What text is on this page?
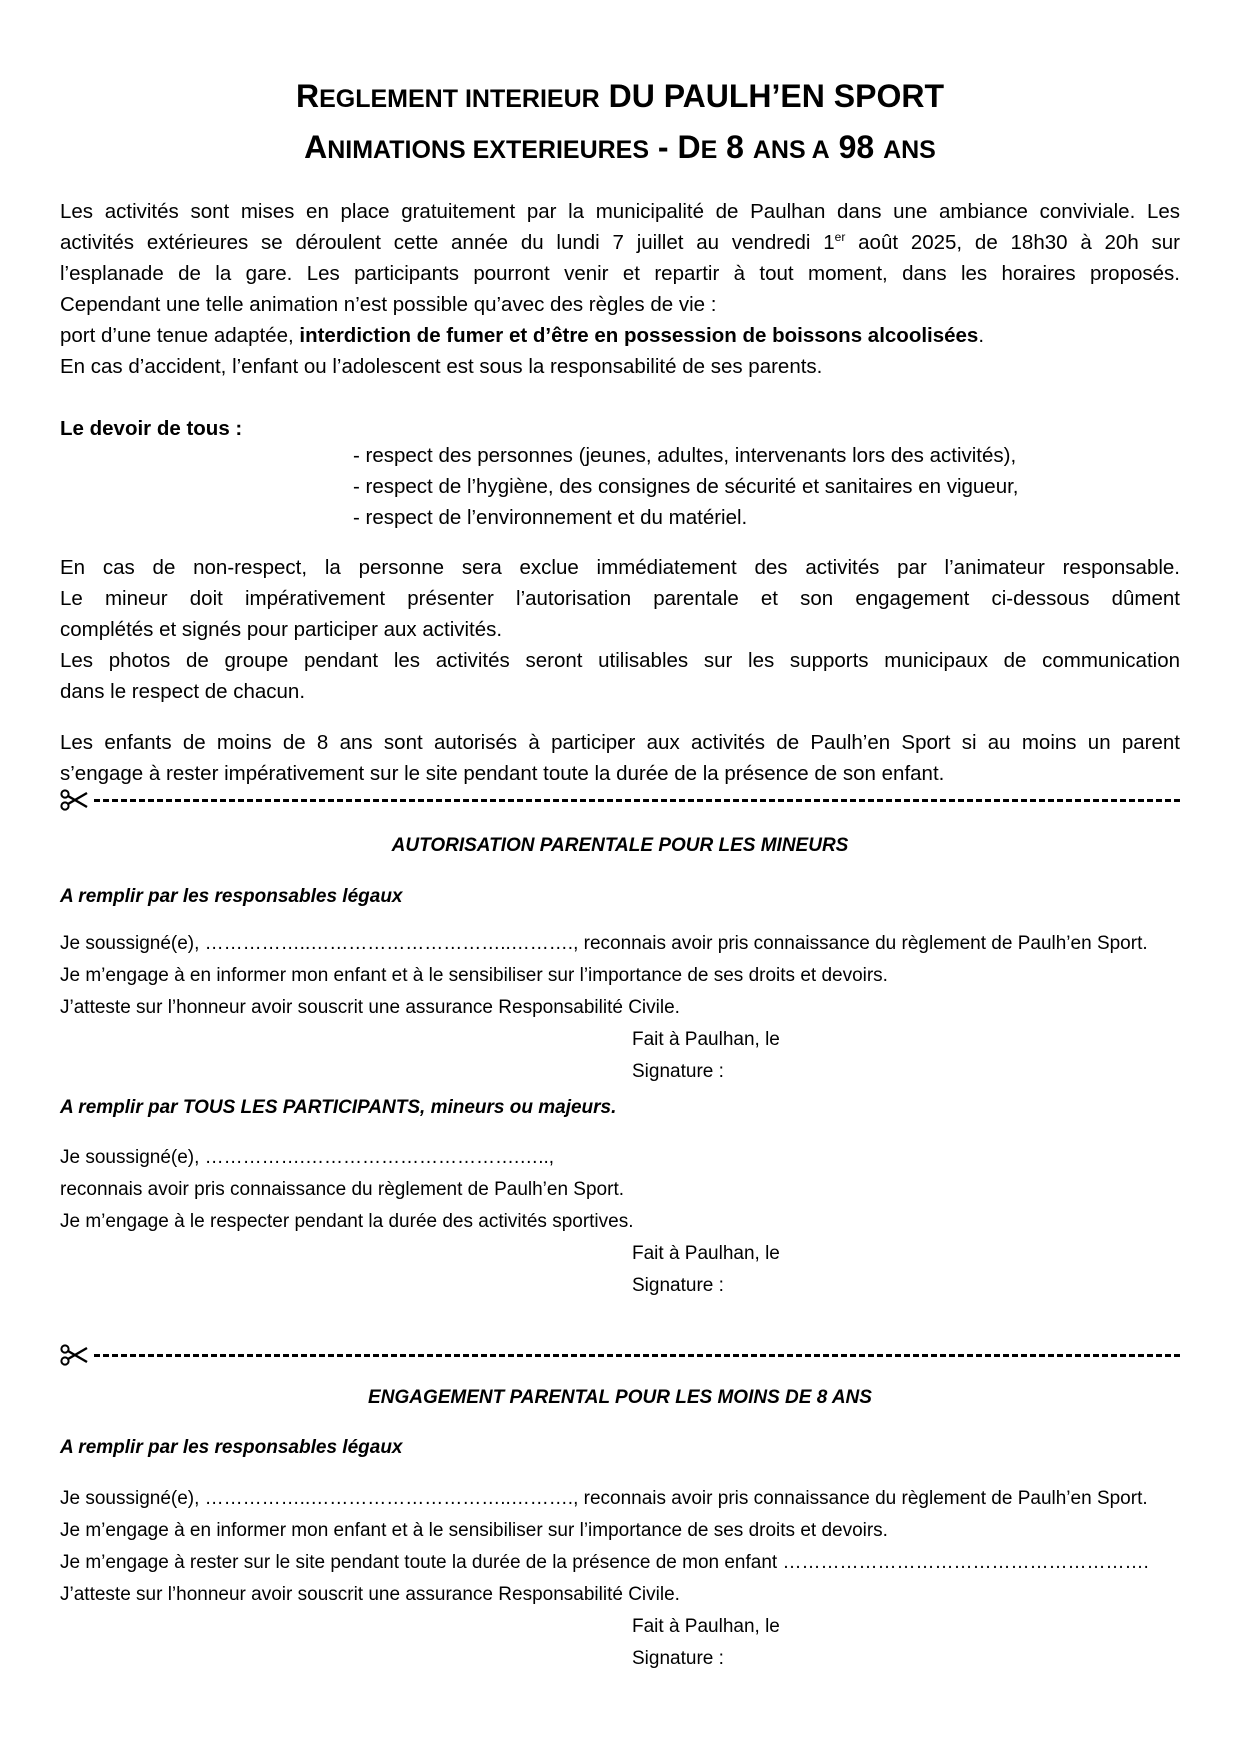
REGLEMENT INTERIEUR DU PAULH’EN SPORT
ANIMATIONS EXTERIEURES - DE 8 ANS A 98 ANS
Les activités sont mises en place gratuitement par la municipalité de Paulhan dans une ambiance conviviale. Les
activités extérieures se déroulent cette année du lundi 7 juillet au vendredi 1er août 2025, de 18h30 à 20h sur
l’esplanade de la gare. Les participants pourront venir et repartir à tout moment, dans les horaires proposés.
Cependant une telle animation n’est possible qu’avec des règles de vie :
port d’une tenue adaptée, interdiction de fumer et d’être en possession de boissons alcoolisées.
En cas d’accident, l’enfant ou l’adolescent est sous la responsabilité de ses parents.
Le devoir de tous :
- respect des personnes (jeunes, adultes, intervenants lors des activités),
- respect de l’hygiène, des consignes de sécurité et sanitaires en vigueur,
- respect de l’environnement et du matériel.
En cas de non-respect, la personne sera exclue immédiatement des activités par l’animateur responsable.
Le mineur doit impérativement présenter l’autorisation parentale et son engagement ci-dessous dûment
complétés et signés pour participer aux activités.
Les photos de groupe pendant les activités seront utilisables sur les supports municipaux de communication
dans le respect de chacun.
Les enfants de moins de 8 ans sont autorisés à participer aux activités de Paulh’en Sport si au moins un parent
s’engage à rester impérativement sur le site pendant toute la durée de la présence de son enfant.
AUTORISATION PARENTALE POUR LES MINEURS
A remplir par les responsables légaux
Je soussigné(e), ……………..…………………………..………., reconnais avoir pris connaissance du règlement de Paulh’en Sport.
Je m’engage à en informer mon enfant et à le sensibiliser sur l’importance de ses droits et devoirs.
J’atteste sur l’honneur avoir souscrit une assurance Responsabilité Civile.
Fait à Paulhan, le
Signature :
A remplir par TOUS LES PARTICIPANTS, mineurs ou majeurs.
Je soussigné(e), …………….…………………………….…..,
reconnais avoir pris connaissance du règlement de Paulh’en Sport.
Je m’engage à le respecter pendant la durée des activités sportives.
Fait à Paulhan, le
Signature :
ENGAGEMENT PARENTAL POUR LES MOINS DE 8 ANS
A remplir par les responsables légaux
Je soussigné(e), ……………..…………………………..………., reconnais avoir pris connaissance du règlement de Paulh’en Sport.
Je m’engage à en informer mon enfant et à le sensibiliser sur l’importance de ses droits et devoirs.
Je m’engage à rester sur le site pendant toute la durée de la présence de mon enfant ………………………………………………….
J’atteste sur l’honneur avoir souscrit une assurance Responsabilité Civile.
Fait à Paulhan, le
Signature :
